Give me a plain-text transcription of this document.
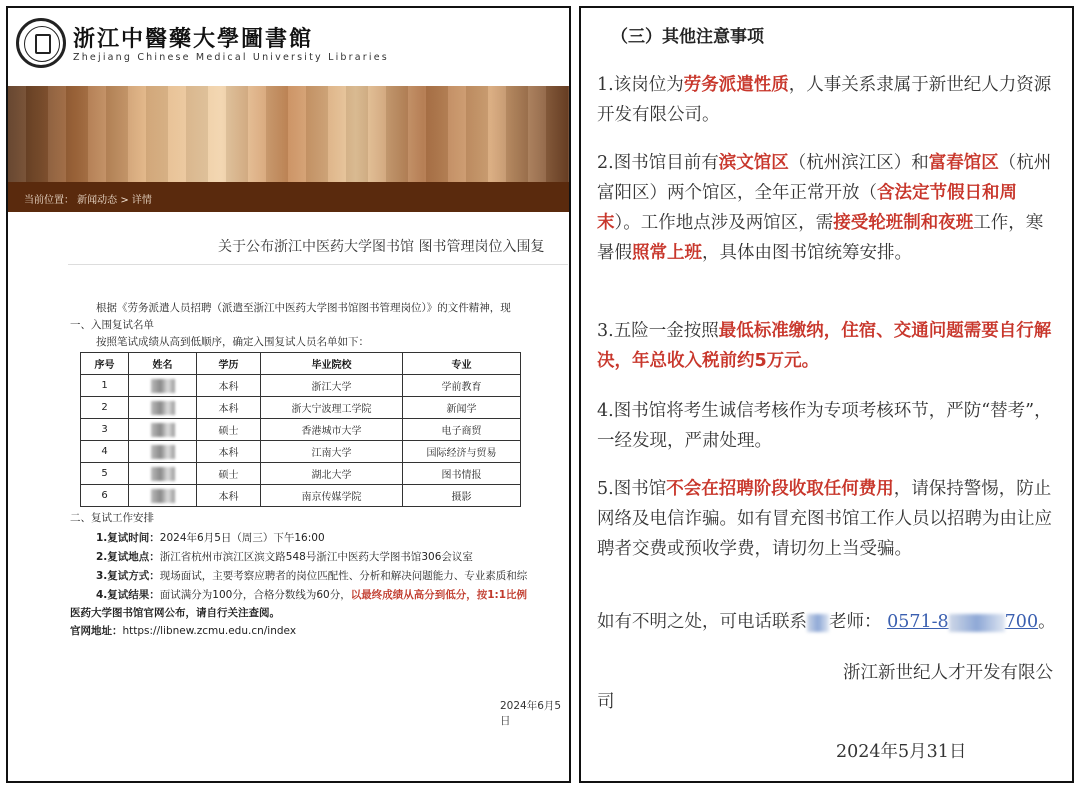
浙江中醫藥大學圖書館
Zhejiang Chinese Medical University Libraries
当前位置： 新闻动态 > 详情
关于公布浙江中医药大学图书馆 图书管理岗位入围复
根据《劳务派遣人员招聘（派遣至浙江中医药大学图书馆图书管理岗位）》的文件精神，现
一、入围复试名单
按照笔试成绩从高到低顺序，确定入围复试人员名单如下：
序号	姓名	学历	毕业院校	专业
1		本科	浙江大学	学前教育
2		本科	浙大宁波理工学院	新闻学
3		硕士	香港城市大学	电子商贸
4		本科	江南大学	国际经济与贸易
5		硕士	湖北大学	图书情报
6		本科	南京传媒学院	摄影
二、复试工作安排
1.复试时间：2024年6月5日（周三）下午16:00
2.复试地点：浙江省杭州市滨江区滨文路548号浙江中医药大学图书馆306会议室
3.复试方式：现场面试，主要考察应聘者的岗位匹配性、分析和解决问题能力、专业素质和综
4.复试结果：面试满分为100分，合格分数线为60分，以最终成绩从高分到低分，按1:1比例
医药大学图书馆官网公布，请自行关注查阅。
官网地址：https://libnew.zcmu.edu.cn/index
2024年6月5日
（三）其他注意事项
1.该岗位为劳务派遣性质，人事关系隶属于新世纪人力资源开发有限公司。
2.图书馆目前有滨文馆区（杭州滨江区）和富春馆区（杭州富阳区）两个馆区，全年正常开放（含法定节假日和周末）。工作地点涉及两馆区，需接受轮班制和夜班工作，寒暑假照常上班，具体由图书馆统筹安排。
3.五险一金按照最低标准缴纳，住宿、交通问题需要自行解决，年总收入税前约5万元。
4.图书馆将考生诚信考核作为专项考核环节，严防“替考”，一经发现，严肃处理。
5.图书馆不会在招聘阶段收取任何费用，请保持警惕，防止网络及电信诈骗。如有冒充图书馆工作人员以招聘为由让应聘者交费或预收学费，请切勿上当受骗。
如有不明之处，可电话联系 老师： 0571-8	700。
浙江新世纪人才开发有限公
司
2024年5月31日
